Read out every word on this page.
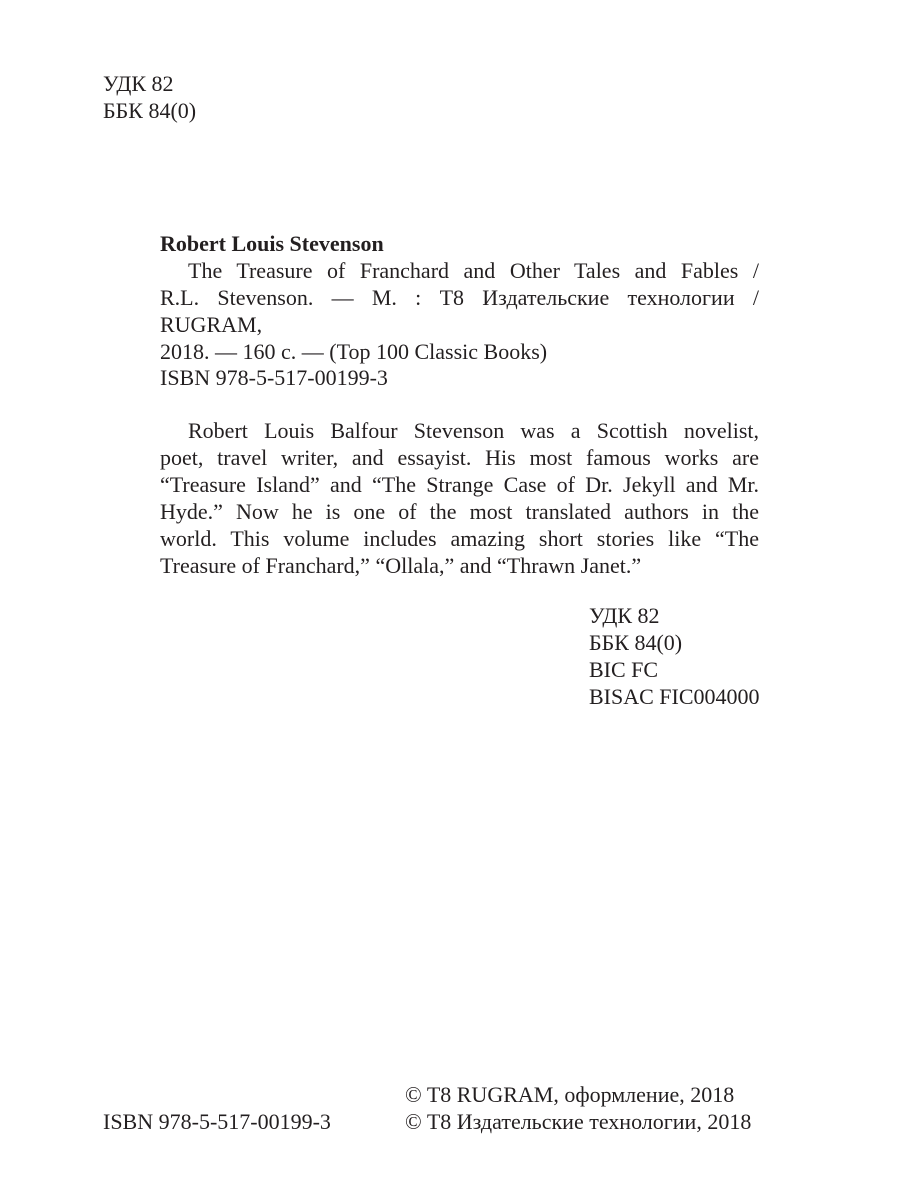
УДК 82
ББК 84(0)
Robert Louis Stevenson
The Treasure of Franchard and Other Tales and Fables /
R.L. Stevenson. — М. : T8 Издательские технологии / RUGRAM,
2018. — 160 с. — (Top 100 Classic Books)
ISBN 978-5-517-00199-3
Robert Louis Balfour Stevenson was a Scottish novelist,
poet, travel writer, and essayist. His most famous works are
“Treasure Island” and “The Strange Case of Dr. Jekyll and Mr.
Hyde.” Now he is one of the most translated authors in the
world. This volume includes amazing short stories like “The
Treasure of Franchard,” “Ollala,” and “Thrawn Janet.”
УДК 82
ББК 84(0)
BIC FC
BISAC FIC004000
© T8 RUGRAM, оформление, 2018
© T8 Издательские технологии, 2018
ISBN 978-5-517-00199-3
